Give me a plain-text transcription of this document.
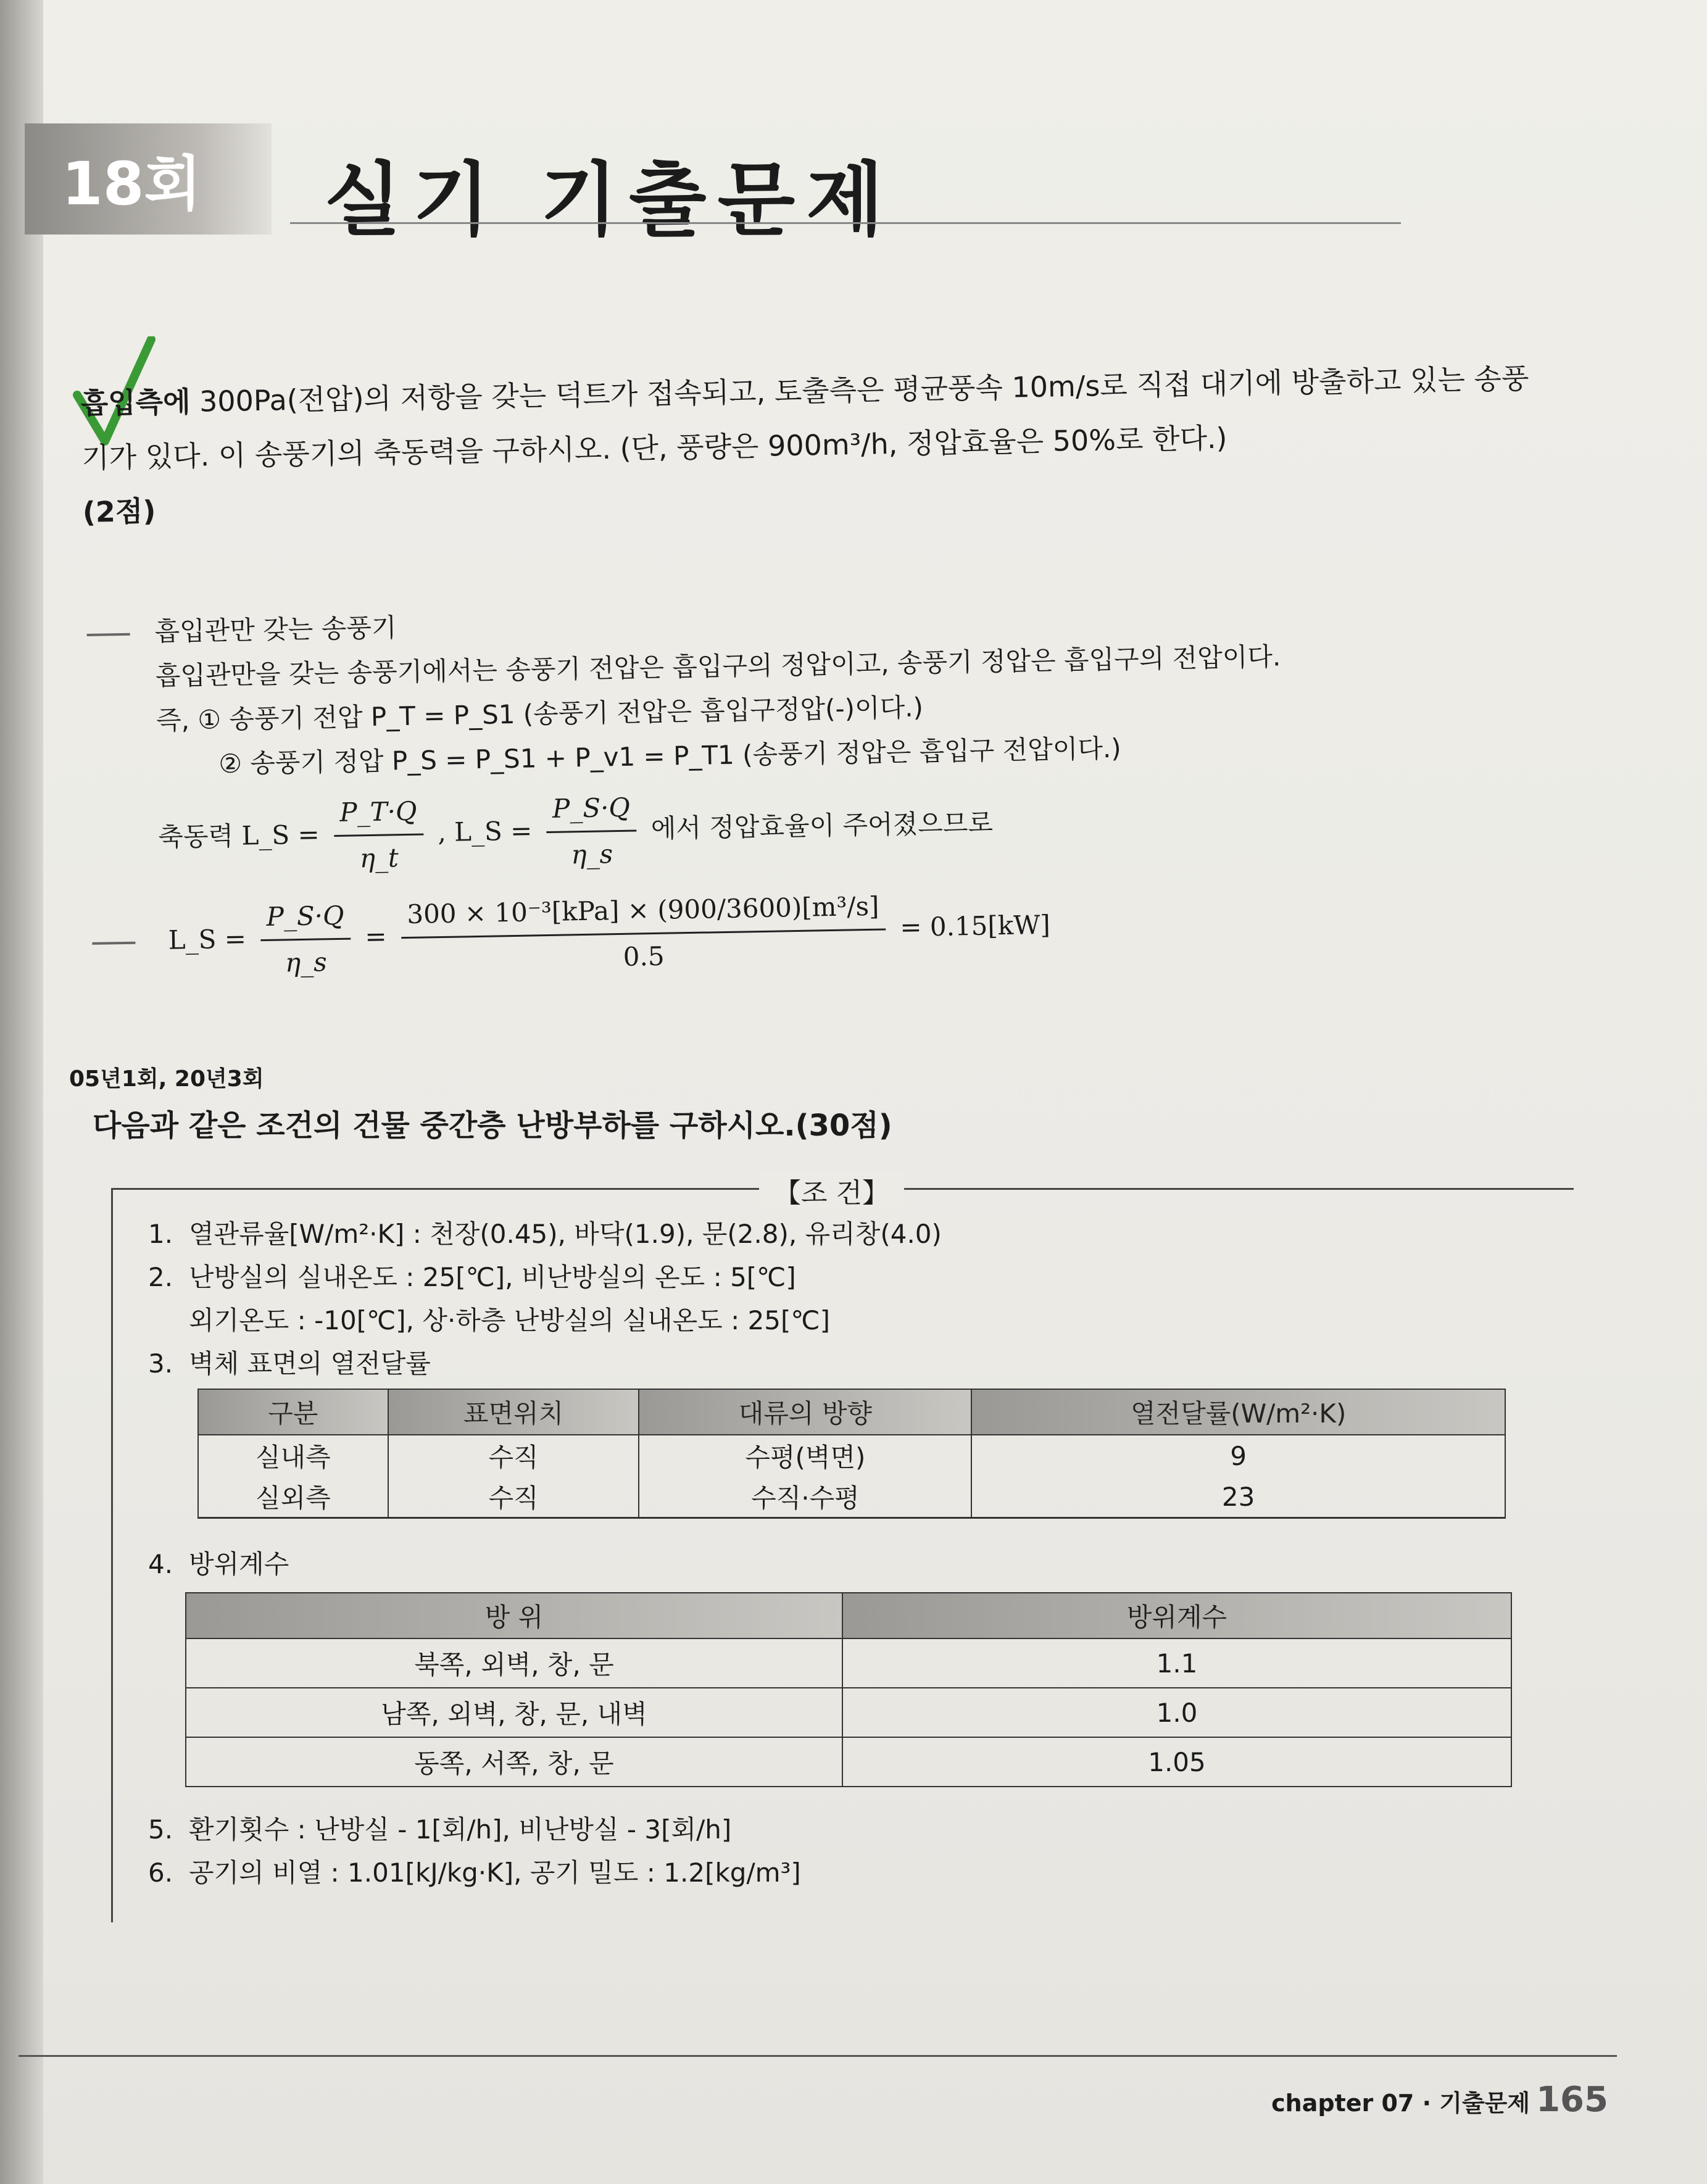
18회 실기 기출문제
흡입측에 300Pa(전압)의 저항을 갖는 덕트가 접속되고, 토출측은 평균풍속 10m/s로 직접 대기에 방출하고 있는 송풍기가 있다. 이 송풍기의 축동력을 구하시오. (단, 풍량은 900m³/h, 정압효율은 50%로 한다.)
(2점)
흡입관만 갖는 송풍기
흡입관만을 갖는 송풍기에서는 송풍기 전압은 흡입구의 정압이고, 송풍기 정압은 흡입구의 전압이다.
즉, ① 송풍기 전압 P_T = P_S1 (송풍기 전압은 흡입구정압(-)이다.)
② 송풍기 정압 P_S = P_S1 + P_v1 = P_T1 (송풍기 정압은 흡입구 전압이다.)
축동력 L_S = $\frac{P\_T\cdot Q}{\eta\_t}$ , L_S = $\frac{P\_S\cdot Q}{\eta\_s}$ 에서 정압효율이 주어졌으므로
L_S = $\frac{P\_S\cdot Q}{\eta\_s} = \frac{\text{300 × 10⁻³[kPa] × (900/3600)[m³/s]}}{0.5} = 0.15[kW]$
05년1회, 20년3회
다음과 같은 조건의 건물 중간층 난방부하를 구하시오.(30점)
【조 건】
1. 열관류율[W/m²·K] : 천장(0.45), 바닥(1.9), 문(2.8), 유리창(4.0)
2. 난방실의 실내온도 : 25[℃], 비난방실의 온도 : 5[℃]
외기온도 : -10[℃], 상·하층 난방실의 실내온도 : 25[℃]
3. 벽체 표면의 열전달률
구분	표면위치	대류의 방향	열전달률(W/m²·K)
실내측	수직	수평(벽면)	9
실외측	수직	수직·수평	23
4. 방위계수
방 위	방위계수
북쪽, 외벽, 창, 문	1.1
남쪽, 외벽, 창, 문, 내벽	1.0
동쪽, 서쪽, 창, 문	1.05
5. 환기횟수 : 난방실 - 1[회/h], 비난방실 - 3[회/h]
6. 공기의 비열 : 1.01[kJ/kg·K], 공기 밀도 : 1.2[kg/m³]
chapter 07 · 기출문제 165
